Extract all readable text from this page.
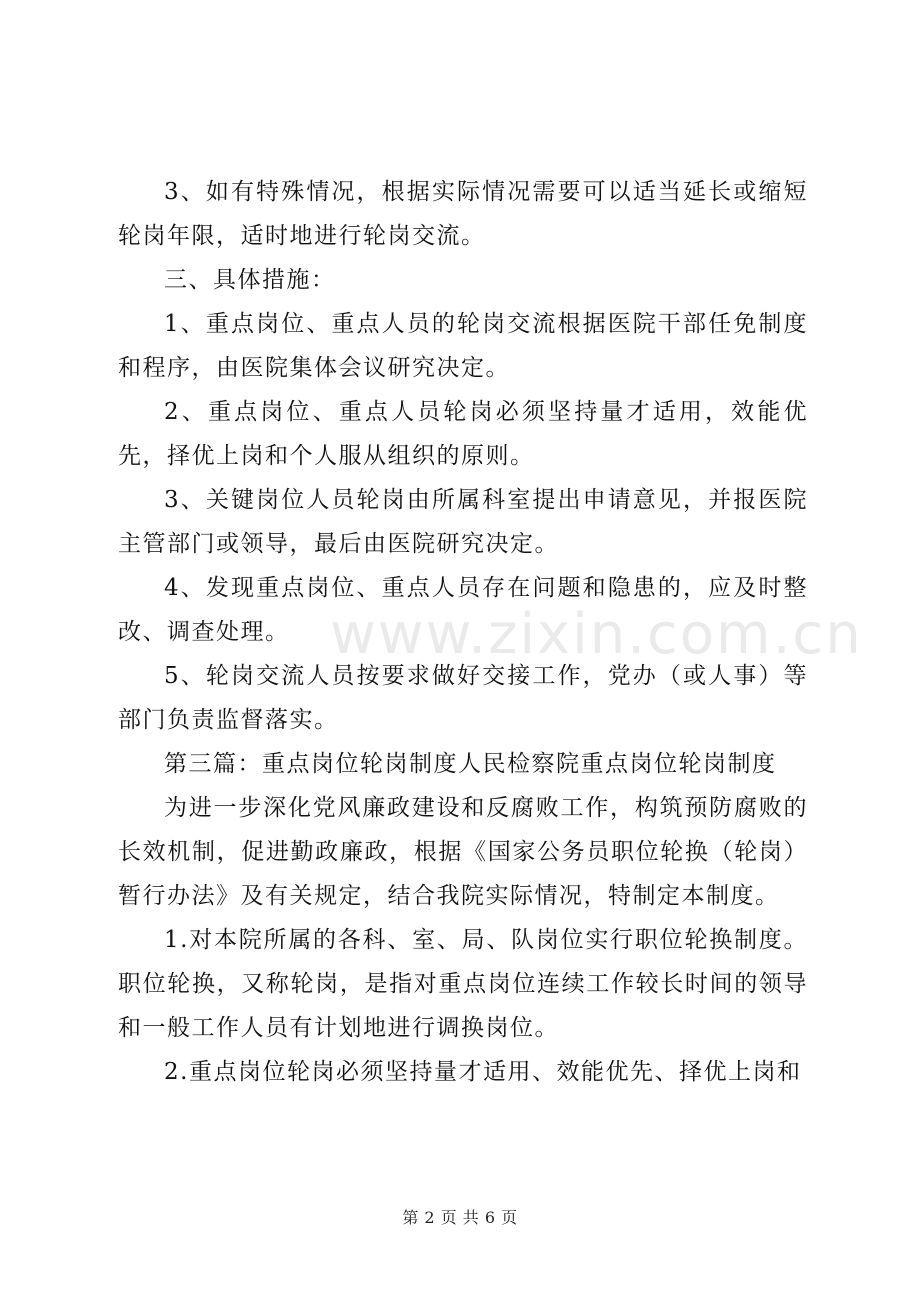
3、如有特殊情况，根据实际情况需要可以适当延长或缩短轮岗年限，适时地进行轮岗交流。

三、具体措施：

1、重点岗位、重点人员的轮岗交流根据医院干部任免制度和程序，由医院集体会议研究决定。

2、重点岗位、重点人员轮岗必须坚持量才适用，效能优先，择优上岗和个人服从组织的原则。

3、关键岗位人员轮岗由所属科室提出申请意见，并报医院主管部门或领导，最后由医院研究决定。

4、发现重点岗位、重点人员存在问题和隐患的，应及时整改、调查处理。

5、轮岗交流人员按要求做好交接工作，党办（或人事）等部门负责监督落实。

第三篇：重点岗位轮岗制度人民检察院重点岗位轮岗制度

为进一步深化党风廉政建设和反腐败工作，构筑预防腐败的长效机制，促进勤政廉政，根据《国家公务员职位轮换（轮岗）暂行办法》及有关规定，结合我院实际情况，特制定本制度。

1.对本院所属的各科、室、局、队岗位实行职位轮换制度。职位轮换，又称轮岗，是指对重点岗位连续工作较长时间的领导和一般工作人员有计划地进行调换岗位。

2.重点岗位轮岗必须坚持量才适用、效能优先、择优上岗和

www.zixin.com.cn
第 2 页 共 6 页
